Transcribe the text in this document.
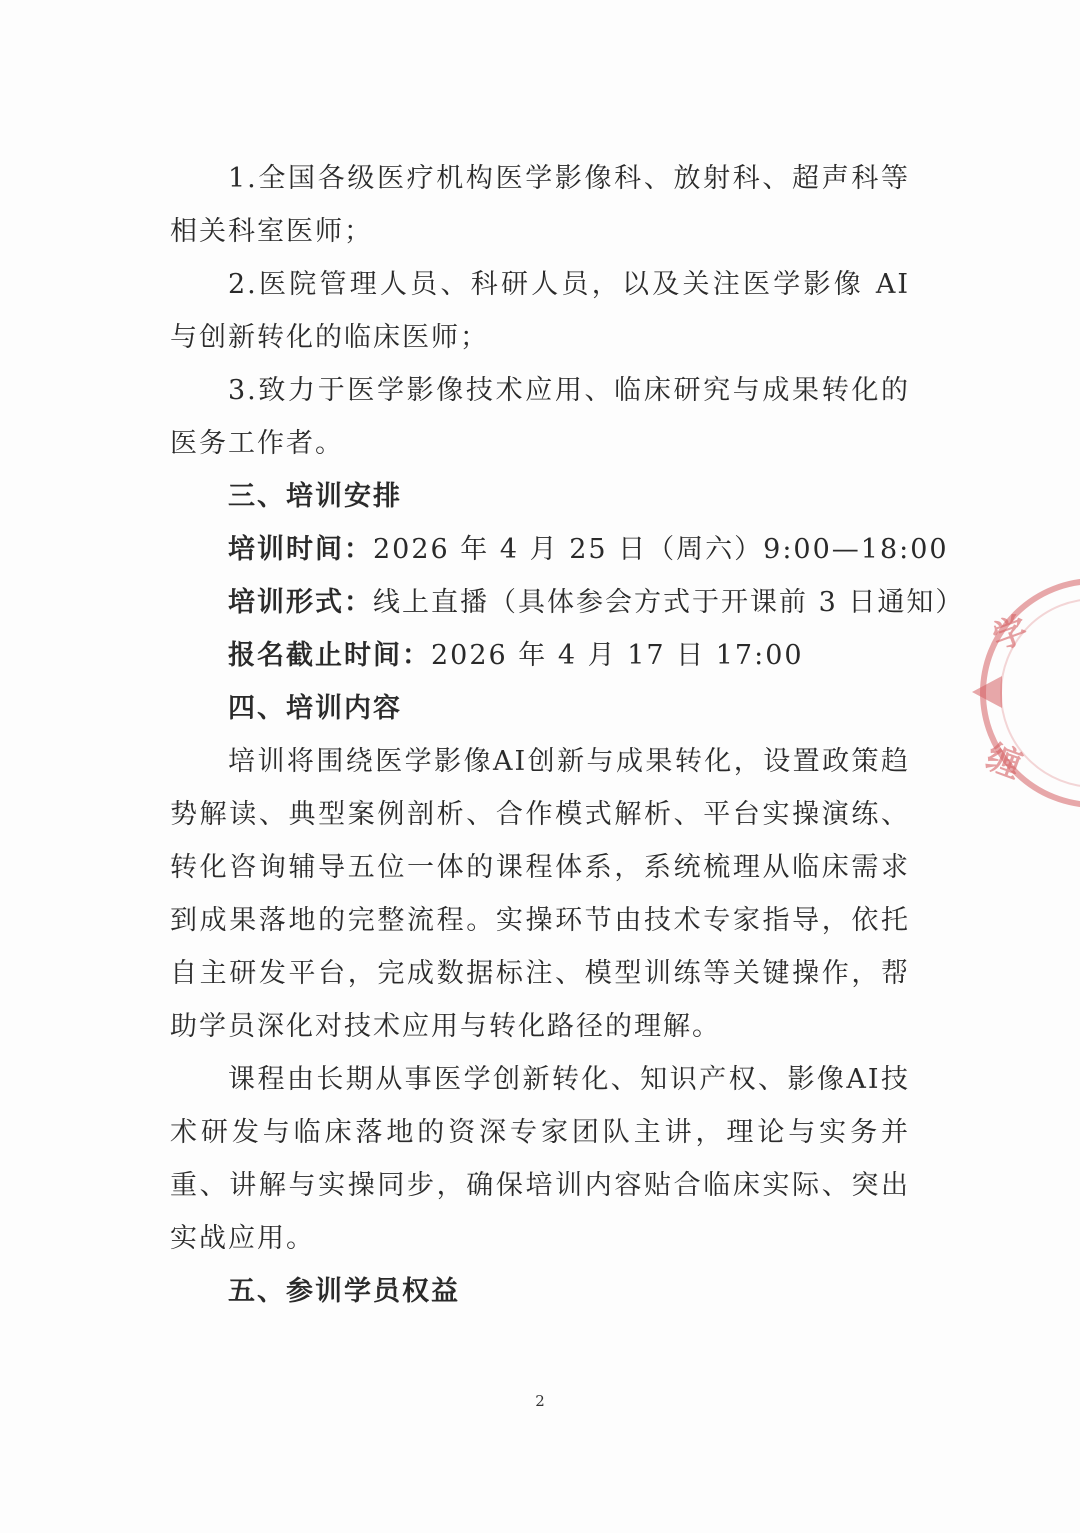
1.全国各级医疗机构医学影像科、放射科、超声科等相关科室医师；

2.医院管理人员、科研人员，以及关注医学影像 AI与创新转化的临床医师；

3.致力于医学影像技术应用、临床研究与成果转化的医务工作者。

三、培训安排

培训时间：2026 年 4 月 25 日（周六）9:00—18:00

培训形式：线上直播（具体参会方式于开课前 3 日通知）

报名截止时间：2026 年 4 月 17 日 17:00

四、培训内容

培训将围绕医学影像AI创新与成果转化，设置政策趋势解读、典型案例剖析、合作模式解析、平台实操演练、转化咨询辅导五位一体的课程体系，系统梳理从临床需求到成果落地的完整流程。实操环节由技术专家指导，依托自主研发平台，完成数据标注、模型训练等关键操作，帮助学员深化对技术应用与转化路径的理解。

课程由长期从事医学创新转化、知识产权、影像AI技术研发与临床落地的资深专家团队主讲，理论与实务并重、讲解与实操同步，确保培训内容贴合临床实际、突出实战应用。

五、参训学员权益

2
学
缠
